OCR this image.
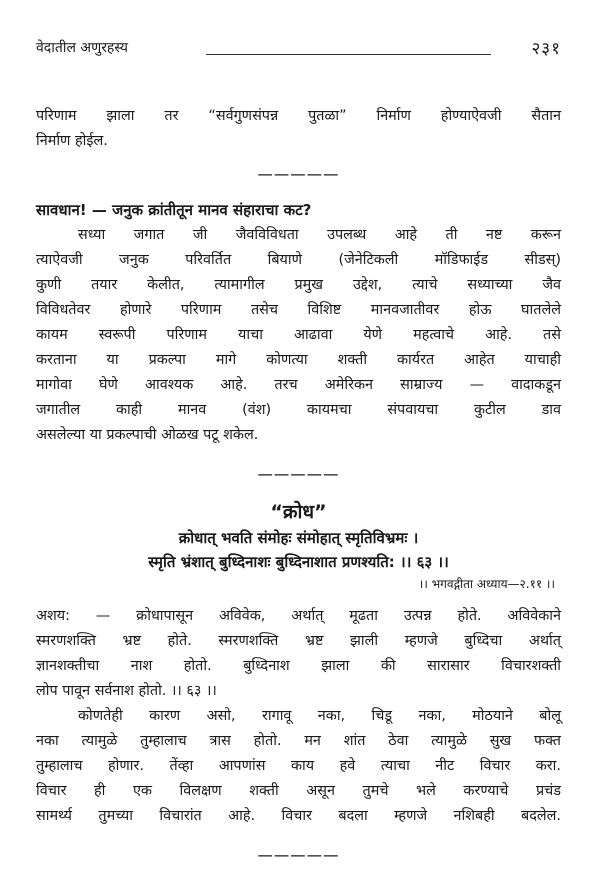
वेदातील अणुरहस्य	२३१
परिणाम झाला तर “सर्वगुणसंपन्न पुतळा” निर्माण होण्याऐवजी सैतान
निर्माण होईल.

𑁋𑁋𑁋𑁋𑁋

सावधान! — जनुक क्रांतीतून मानव संहाराचा कट?
सध्या जगात जी जैवविविधता उपलब्ध आहे ती नष्ट करून
त्याऐवजी जनुक परिवर्तित बियाणे (जेनेटिकली मॉडिफाईड सीडस्)
कुणी तयार केलीत, त्यामागील प्रमुख उद्देश, त्याचे सध्याच्या जैव
विविधतेवर होणारे परिणाम तसेच विशिष्ट मानवजातीवर होऊ घातलेले
कायम स्वरूपी परिणाम याचा आढावा येणे महत्वाचे आहे. तसे
करताना या प्रकल्पा मागे कोणत्या शक्ती कार्यरत आहेत याचाही
मागोवा घेणे आवश्यक आहे. तरच अमेरिकन साम्राज्य — वादाकडून
जगातील काही मानव (वंश) कायमचा संपवायचा कुटील डाव
असलेल्या या प्रकल्पाची ओळख पटू शकेल.

𑁋𑁋𑁋𑁋𑁋

“क्रोध”
क्रोधात् भवति संमोहः संमोहात् स्मृतिविभ्रमः ।
स्मृति भ्रंशात् बुध्दिनाशः बुध्दिनाशात प्रणश्यति: ।। ६३ ।।
।। भगवद्गीता अध्याय—२.११ ।।
अशय: — क्रोधापासून अविवेक, अर्थात् मूढता उत्पन्न होते. अविवेकाने
स्मरणशक्ति भ्रष्ट होते. स्मरणशक्ति भ्रष्ट झाली म्हणजे बुध्दिचा अर्थात्
ज्ञानशक्तीचा नाश होतो. बुध्दिनाश झाला की सारासार विचारशक्ती
लोप पावून सर्वनाश होतो. ।। ६३ ।।
कोणतेही कारण असो, रागावू नका, चिडू नका, मोठयाने बोलू
नका त्यामुळे तुम्हालाच त्रास होतो. मन शांत ठेवा त्यामुळे सुख फक्त
तुम्हालाच होणार. तेंव्हा आपणांस काय हवे त्याचा नीट विचार करा.
विचार ही एक विलक्षण शक्ती असून तुमचे भले करण्याचे प्रचंड
सामर्थ्य तुमच्या विचारांत आहे. विचार बदला म्हणजे नशिबही बदलेल.

𑁋𑁋𑁋𑁋𑁋
